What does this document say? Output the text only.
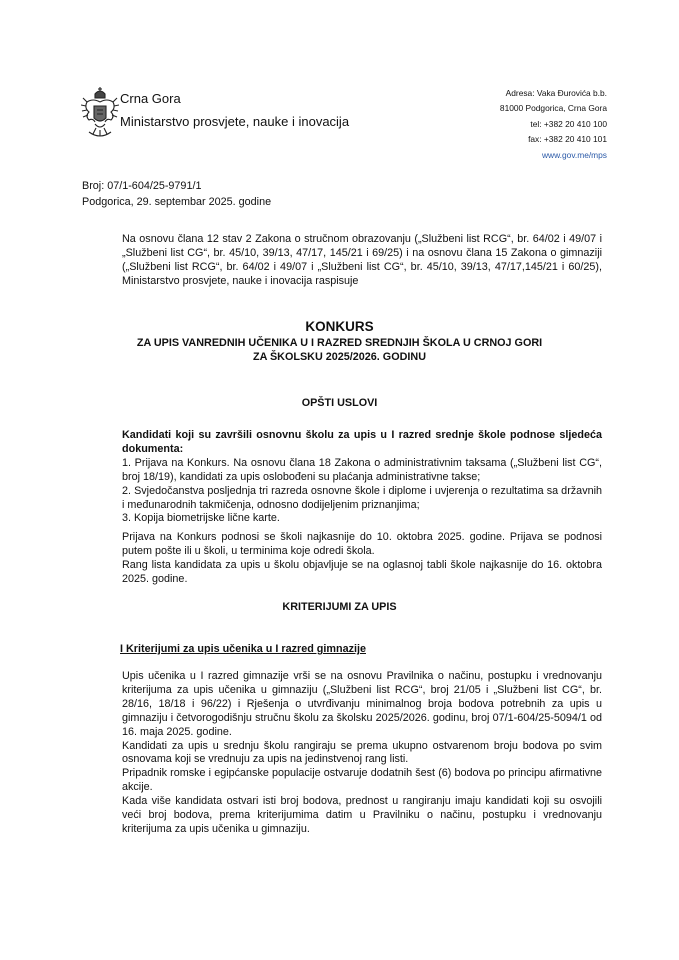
Crna Gora
Ministarstvo prosvjete, nauke i inovacija
Adresa: Vaka Đurovića b.b.
81000 Podgorica, Crna Gora
tel: +382 20 410 100
fax: +382 20 410 101
www.gov.me/mps
Broj: 07/1-604/25-9791/1
Podgorica, 29. septembar 2025. godine
Na osnovu člana 12 stav 2 Zakona o stručnom obrazovanju („Službeni list RCG“, br. 64/02 i 49/07 i „Službeni list CG“, br. 45/10, 39/13, 47/17, 145/21 i 69/25) i na osnovu člana 15 Zakona o gimnaziji („Službeni list RCG“, br. 64/02 i 49/07 i „Službeni list CG“, br. 45/10, 39/13, 47/17,145/21 i 60/25), Ministarstvo prosvjete, nauke i inovacija raspisuje
KONKURS
ZA UPIS VANREDNIH UČENIKA U I RAZRED SREDNJIH ŠKOLA U CRNOJ GORI
ZA ŠKOLSKU 2025/2026. GODINU
OPŠTI USLOVI
Kandidati koji su završili osnovnu školu za upis u I razred srednje škole podnose sljedeća dokumenta:
1. Prijava na Konkurs. Na osnovu člana 18 Zakona o administrativnim taksama („Službeni list CG“, broj 18/19), kandidati za upis oslobođeni su plaćanja administrativne takse;
2. Svjedočanstva posljednja tri razreda osnovne škole i diplome i uvjerenja o rezultatima sa državnih i međunarodnih takmičenja, odnosno dodijeljenim priznanjima;
3. Kopija biometrijske lične karte.
Prijava na Konkurs podnosi se školi najkasnije do 10. oktobra 2025. godine. Prijava se podnosi putem pošte ili u školi, u terminima koje odredi škola.
Rang lista kandidata za upis u školu objavljuje se na oglasnoj tabli škole najkasnije do 16. oktobra 2025. godine.
KRITERIJUMI ZA UPIS
I Kriterijumi za upis učenika u I razred gimnazije
Upis učenika u I razred gimnazije vrši se na osnovu Pravilnika o načinu, postupku i vrednovanju kriterijuma za upis učenika u gimnaziju („Službeni list RCG“, broj 21/05 i „Službeni list CG“, br. 28/16, 18/18 i 96/22) i Rješenja o utvrđivanju minimalnog broja bodova potrebnih za upis u gimnaziju i četvorogodišnju stručnu školu za školsku 2025/2026. godinu, broj 07/1-604/25-5094/1 od 16. maja 2025. godine.
Kandidati za upis u srednju školu rangiraju se prema ukupno ostvarenom broju bodova po svim osnovama koji se vrednuju za upis na jedinstvenoj rang listi.
Pripadnik romske i egipćanske populacije ostvaruje dodatnih šest (6) bodova po principu afirmativne akcije.
Kada više kandidata ostvari isti broj bodova, prednost u rangiranju imaju kandidati koji su osvojili veći broj bodova, prema kriterijumima datim u Pravilniku o načinu, postupku i vrednovanju kriterijuma za upis učenika u gimnaziju.
